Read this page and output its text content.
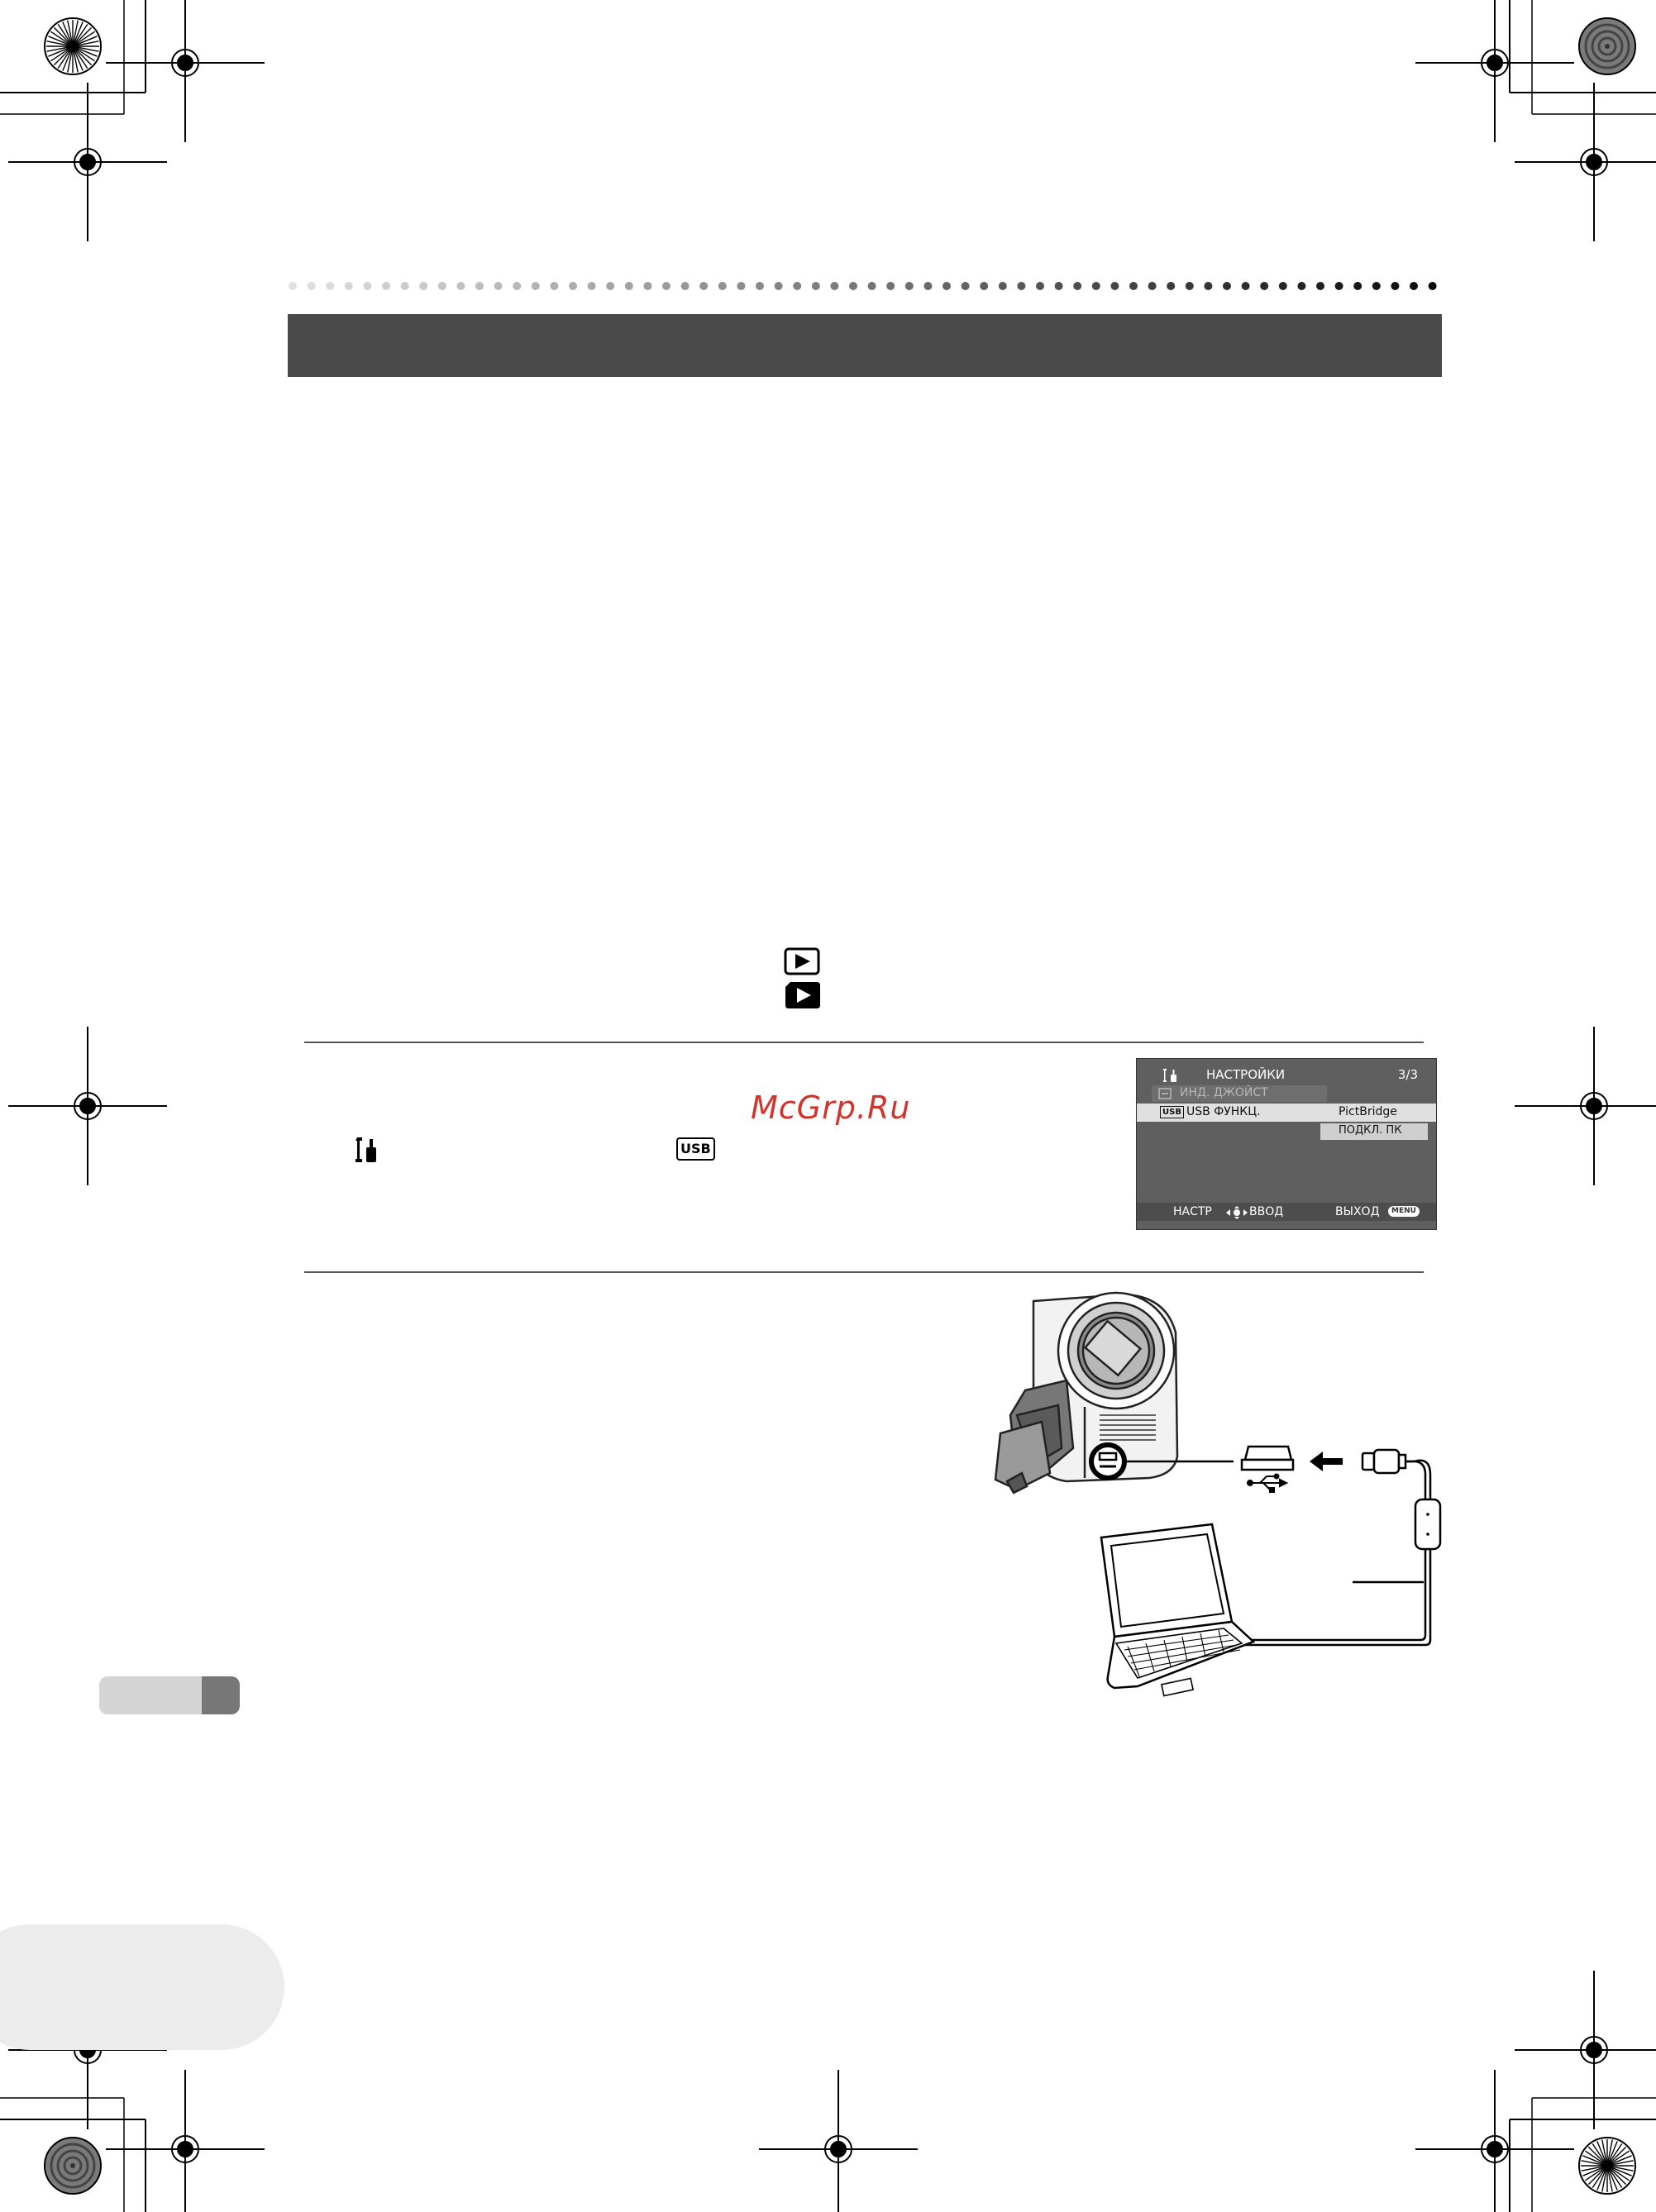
McGrp.Ru
USB
НАСТРОЙКИ	3/3
ИНД. ДЖОЙСТ
USB USB ФУНКЦ.	PictBridge
ПОДКЛ. ПК
НАСТР	ВВОД	ВЫХОД	MENU
